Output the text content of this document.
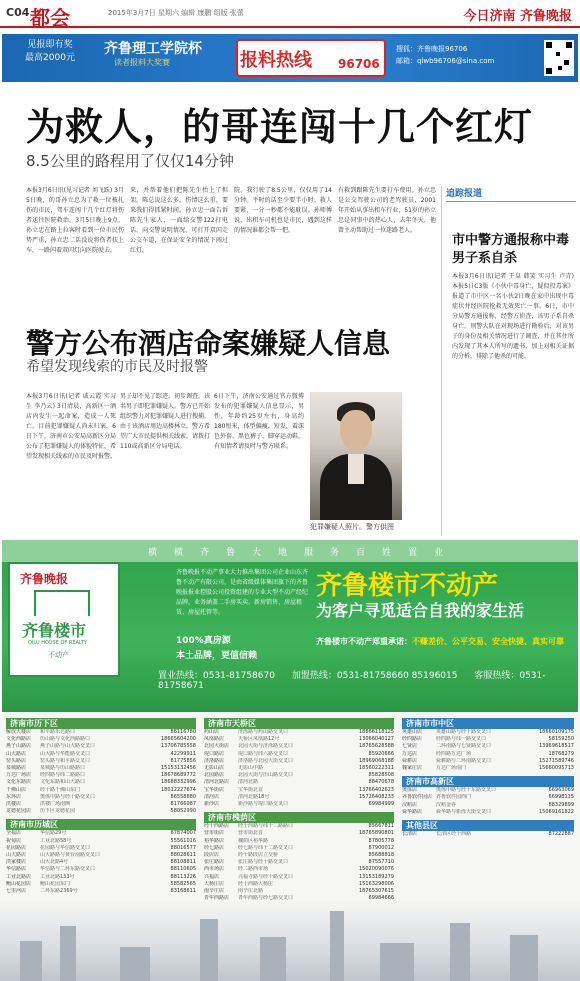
C04 都会	2015年3月7日 星期六 编辑 康鹏 组版 张蕾	今日济南 齐鲁晚报
见报即有奖
最高2000元
齐鲁理工学院杯
读者报料大奖赛	报料热线 96706
搜狐：齐鲁晚报96706
邮箱：qlwb96706@sina.com
为救人，的哥连闯十几个红灯
8.5公里的路程用了仅仅14分钟
本报3月6日讯(见习记者 刘飞跃) 3月5日晚，的哥孙立忠为了救一位被扎伤的市民，驾车连闯十几个红灯将伤者送往医院救治。3月5日晚上9点，孙立忠在路上拉客时看到一位市民伤势严重，孙立忠二话没说将伤者扶上车，一路闪着双闪灯向医院驶去。
来，并帮着他们把陈先生抬上了担架。陈总说这么多，伤情这么重，要来我们得抓紧时间。孙立忠一面告诉陈先生家人，一面给交警122打电话，向交警说明情况。可打开双闪走公交车道，在保证安全的情况下闯过红灯。
院。我行驶了8.5公里，仅仅用了14分钟。平时的话至少要半小时。救人要紧，一分一秒都不能耽误。孙师傅说，出租车司机也是市民，遇到这样的情况谁都会帮一把。
有救到跟陈先生要打车费用。孙立忠是公交驾驶公司的老驾驶员，2001年开始从事出租车行业，51岁的孙立忠是同事中的热心人，去年冬天，他曾主动帮助过一位迷路老人。
追踪报道
市中警方通报称中毒男子系自杀
本报3月6日讯(记者 王皇 韩笑 实习生 卢青) 本报5日C3版《小伙中毒身亡，疑似投毒案》报道了市中区一名小伙2日晚在家中出现中毒症状并经医院抢救无效死亡一事。6日，市中分局警方通报称，经警方侦查，该男子系自杀身亡。刑警大队在对现场进行勘验后，对该男子的身份及相关情况进行了调查，并在其住所内发现了其本人所写的遗书，加上对相关证据的分析，排除了他杀的可能。
警方公布酒店命案嫌疑人信息
希望发现线索的市民及时报警
本报3月6日讯(记者 戚云霞 实习生 李乃云) 3日清晨，高新区一酒店内发生一起命案，造成一人死亡。目前犯罪嫌疑人尚未归案，6日下午，济南市公安局高新区分局公布了犯罪嫌疑人的体貌特征，希望发现相关线索的市民及时报警。
男子却不见了踪迹。初步调查，该名男子即犯罪嫌疑人。警方已开始组织警力对犯罪嫌疑人进行搜捕。由于该酒店周边高楼林立，警方希望广大市民提供相关线索，请拨打110或高新区分局电话。
6日下午，济南公安通过官方微博发布的犯罪嫌疑人信息显示，男性，年龄约25岁左右，身高约180厘米，体型偏瘦，短发，着深色外套、黑色裤子、脚穿运动鞋，有知情者请及时与警方联系。
犯罪嫌疑人照片。警方供图
横横齐鲁大地服务百姓置业
齐鲁晚报
齐鲁楼市
QILU HOUSE OF REALTY
不动产
齐鲁晚报不动产事业大力推出集团公司企业山东齐鲁不动产有限公司，是由省级媒体集团旗下的齐鲁晚报报业控股公司投资组建的专业大型不动产经纪品牌，业务涵盖二手房买卖、新房销售、房屋租赁、房屋托管等。
齐鲁楼市不动产
为客户寻觅适合自我的家生活
100%真房源
本土品牌，更值信赖
齐鲁楼市不动产郑重承诺：不赚差价、公平交易、安全快捷、真实可靠
置业热线：0531-81758670 加盟热线：0531-81758660 85196015 客服热线：0531-81758671
济南市历下区
解放大楼店	和平路乐达路口	86116780
文化西路店	历山路与文化西路路口	18665604200
燕子山路店	燕子山路与山大路交叉口	13706785558
山大路店	山大路与华能路交叉口	42299911
窑头路店	窑头路与和平路交叉口	81775856
泉城路店	泉城路与历山路路口	15153132456
万达广场店	经四路与纬二路路口	18678689772
文化东路店	文化东路和山大路口	18688332996
千佛山店	经十路千佛山东门	18012227674
东环店	奥体中路与经十路交叉口	86558880
洪楼店	洪楼广场南侧	81766987
龙德花园店	历下区龙德花园	58052990
济南市历城区
全福店	华信路29号	67874007
祝甸店	工业北路58号	55561016
花园路店	花园路与华信路交叉口	88016577
山大路店	山大路路与黄台南路交叉口	88028611
洪家楼店	山大北路4号	88108811
华信路店	华信路与二环东路交叉口	88110605
工业北路店	工业北路133号	88113226
鲍山花园店	鲍山花园东门	58582565
七里河店	二环东路2369号	83168611
济南市天桥区
药山店	济泺路与药山路交叉口	18866118125
凤凰路店	天桥区凤凰路12号	13066040127
北园大街店	北园大街与济泺路交叉口	18765628588
堤口路店	堤口路与纬六路交叉口	85920666
济洛路店	济洛路与北园大街交叉口	18969068188
无影山店	无影山中路	18560222311
北园路店	北园大街与历山路交叉口	85828508
清河北路店	清河北路	88470678
宝华街店	宝华街北首	13766402623
清河店	清河北路18号	15726408233
新沙店	新沙路与堤口路交叉口	69984999
济南市槐荫区
经十西路店	经十西路与纬十二路路口	85667811
营市街店	营市街北首	18765890801
裕华路店	槐荫区裕华路	87805778
经七路店	经七路与纬十二路交叉口	87900012
段店店	经十路段店立交桥	85688818
张庄路店	张庄路与经十路交叉口	87557710
西市场店	经二路西市场	15020090076
兴福店	兴福寺路与经十路交叉口	13153189279
大杨庄店	经十西路大杨庄	15163298006
南辛庄店	南辛庄北路	18765307615
青年西路店	青年西路与经七路交叉口	69984666
济南市市中区
英雄山店	英雄山路与经十路交叉口	18660109175
经四路店	经四路与纬一路交叉口	58159250
七贤店	二环南路与七贤路交叉口	13969618517
万达店	经四路万达广场	18768279
舜耕店	舜耕路与二环南路交叉口	15271589746
魏家庄店	万达广场南门	15660095713
济南市高新区
奥体店	奥体中路与经十东路交叉口	66963069
齐鲁软件园店 齐鲁软件园西门	66998115
汉峪店	汉峪金谷	88329899
舜华路店	舜华路与新泺大街交叉口	15069161822
其他县区
长清店	长清区经十西路	87222887
